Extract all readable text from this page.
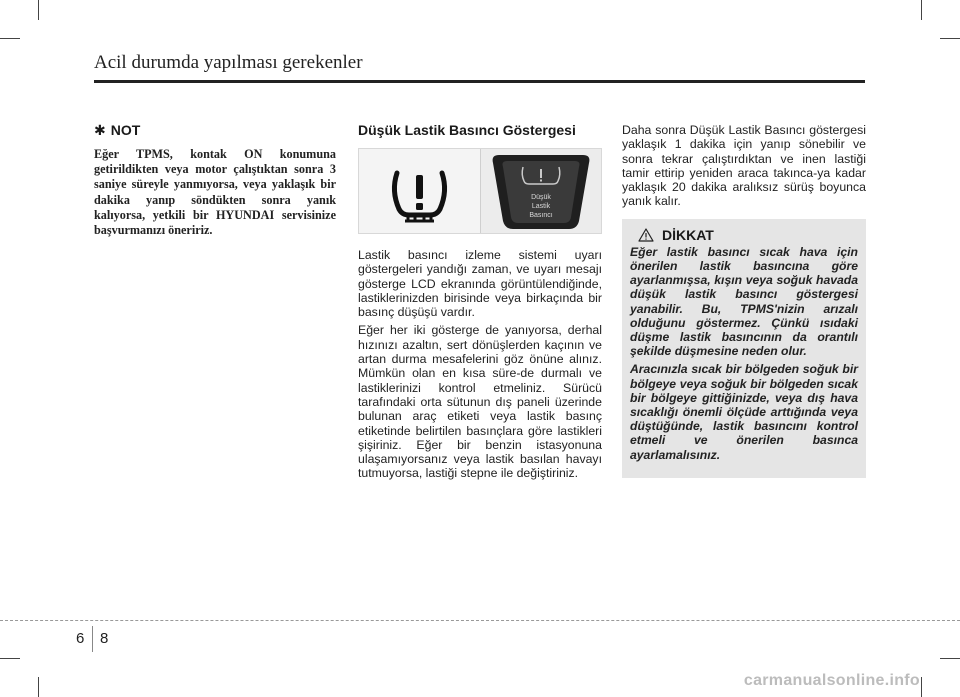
Acil durumda yapılması gerekenler
✱ NOT

Eğer TPMS, kontak ON konumuna getirildikten veya motor çalıştıktan sonra 3 saniye süreyle yanmıyorsa, veya yaklaşık bir dakika yanıp söndükten sonra yanık kalıyorsa, yetkili bir HYUNDAI servisinize başvurmanızı öneririz.

Düşük Lastik Basıncı Göstergesi
Düşük
Lastik
Basıncı

Lastik basıncı izleme sistemi uyarı göstergeleri yandığı zaman, ve uyarı mesajı gösterge LCD ekranında görüntülendiğinde, lastiklerinizden birisinde veya birkaçında bir basınç düşüşü vardır.

Eğer her iki gösterge de yanıyorsa, derhal hızınızı azaltın, sert dönüşlerden kaçının ve artan durma mesafelerini göz önüne alınız. Mümkün olan en kısa süre-de durmalı ve lastiklerinizi kontrol etmeliniz. Sürücü tarafındaki orta sütunun dış paneli üzerinde bulunan araç etiketi veya lastik basınç etiketinde belirtilen basınçlara göre lastikleri şişiriniz. Eğer bir benzin istasyonuna ulaşamıyorsanız veya lastik basılan havayı tutmuyorsa, lastiği stepne ile değiştiriniz.

Daha sonra Düşük Lastik Basıncı göstergesi yaklaşık 1 dakika için yanıp sönebilir ve sonra tekrar çalıştırdıktan ve inen lastiği tamir ettirip yeniden araca takınca-ya kadar yaklaşık 20 dakika aralıksız sürüş boyunca yanık kalır.

DİKKAT

Eğer lastik basıncı sıcak hava için önerilen lastik basıncına göre ayarlanmışsa, kışın veya soğuk havada düşük lastik basıncı göstergesi yanabilir. Bu, TPMS'nizin arızalı olduğunu göstermez. Çünkü ısıdaki düşme lastik basıncının da orantılı şekilde düşmesine neden olur.

Aracınızla sıcak bir bölgeden soğuk bir bölgeye veya soğuk bir bölgeden sıcak bir bölgeye gittiğinizde, veya dış hava sıcaklığı önemli ölçüde arttığında veya düştüğünde, lastik basıncını kontrol etmeli ve önerilen basınca ayarlamalısınız.

6 8
carmanualsonline.info
